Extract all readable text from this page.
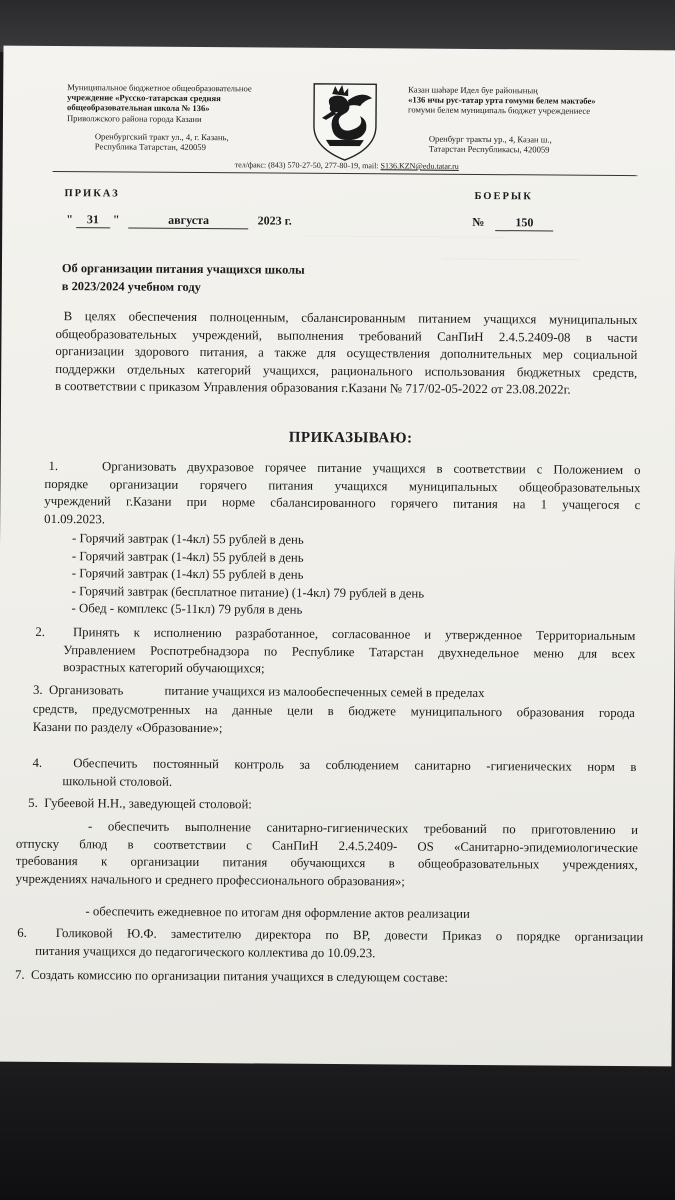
Муниципальное бюджетное общеобразовательное
учреждение «Русско-татарская средняя
общеобразовательная школа № 136»
Приволжского района города Казани
Оренбургский тракт ул., 4, г. Казань,
Республика Татарстан, 420059
Казан шәһәре Идел буе районының
«136 нчы рус-татар урта гомуми белем мәктәбе»
гомуми белем муниципаль бюджет учреждениесе
Оренбург тракты ур., 4, Казан ш.,
Татарстан Республикасы, 420059
тел/факс: (843) 570-27-50, 277-80-19, mail: S136.KZN@edu.tatar.ru
ПРИКАЗ	БОЕРЫК
" 31 "	августа	2023 г.	№	150
_____________________________________
_________________________
Об организации питания учащихся школы
в 2023/2024 учебном году
В целях обеспечения полноценным, сбалансированным питанием учащихся муниципальных
общеобразовательных учреждений, выполнения требований СанПиН 2.4.5.2409-08 в части
организации здорового питания, а также для осуществления дополнительных мер социальной
поддержки отдельных категорий учащихся, рационального использования бюджетных средств,
в соответствии с приказом Управления образования г.Казани № 717/02-05-2022 от 23.08.2022г.
ПРИКАЗЫВАЮ:
1.	Организовать двухразовое горячее питание учащихся в соответствии с Положением о
порядке организации горячего питания учащихся муниципальных общеобразовательных
учреждений г.Казани при норме сбалансированного горячего питания на 1 учащегося с
01.09.2023.
- Горячий завтрак (1-4кл) 55 рублей в день
- Горячий завтрак (1-4кл) 55 рублей в день
- Горячий завтрак (1-4кл) 55 рублей в день
- Горячий завтрак (бесплатное питание) (1-4кл) 79 рублей в день
- Обед - комплекс (5-11кл) 79 рубля в день
2. Принять к исполнению разработанное, согласованное и утвержденное Территориальным
Управлением Роспотребнадзора по Республике Татарстан двухнедельное меню для всех
возрастных категорий обучающихся;
3. Организовать	питание учащихся из малообеспеченных семей в пределах
средств, предусмотренных на данные цели в бюджете муниципального образования города
Казани по разделу «Образование»;
4. Обеспечить постоянный контроль за соблюдением санитарно -гигиенических норм в
школьной столовой.
5. Губеевой Н.Н., заведующей столовой:
- обеспечить выполнение санитарно-гигиенических требований по приготовлению и
отпуску блюд в соответствии с СанПиН 2.4.5.2409- OS «Санитарно-эпидемиологические
требования к организации питания обучающихся в общеобразовательных учреждениях,
учреждениях начального и среднего профессионального образования»;
- обеспечить ежедневное по итогам дня оформление актов реализации
6. Голиковой Ю.Ф. заместителю директора по ВР, довести Приказ о порядке организации
питания учащихся до педагогического коллектива до 10.09.23.
7. Создать комиссию по организации питания учащихся в следующем составе:
